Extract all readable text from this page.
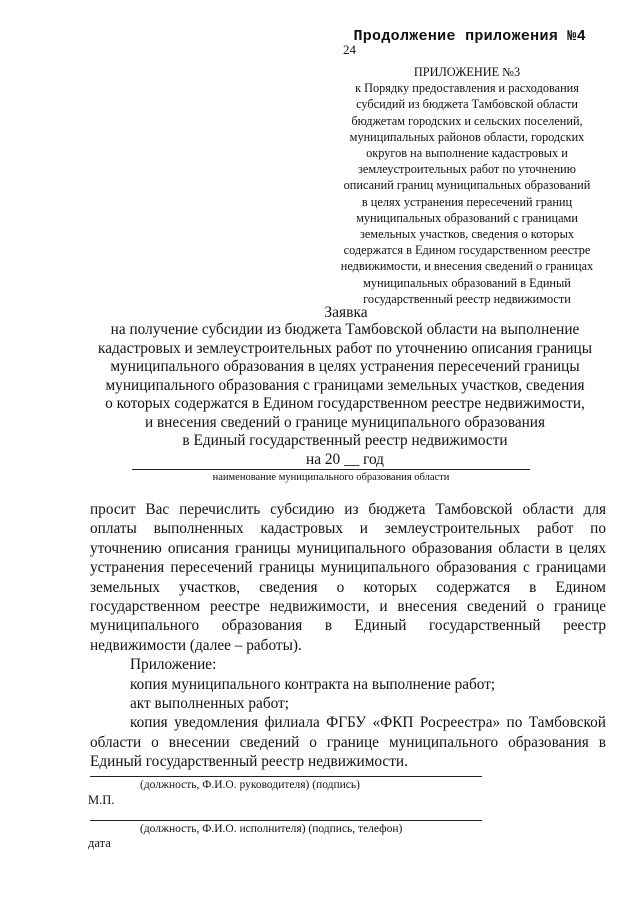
Продолжение приложения №4
24
ПРИЛОЖЕНИЕ №3
к Порядку предоставления и расходования
субсидий из бюджета Тамбовской области
бюджетам городских и сельских поселений,
муниципальных районов области, городских
округов на выполнение кадастровых и
землеустроительных работ по уточнению
описаний границ муниципальных образований
в целях устранения пересечений границ
муниципальных образований с границами
земельных участков, сведения о которых
содержатся в Едином государственном реестре
недвижимости, и внесения сведений о границах
муниципальных образований в Единый
государственный реестр недвижимости
Заявка
на получение субсидии из бюджета Тамбовской области на выполнение
кадастровых и землеустроительных работ по уточнению описания границы
муниципального образования в целях устранения пересечений границы
муниципального образования с границами земельных участков, сведения
о которых содержатся в Едином государственном реестре недвижимости,
и внесения сведений о границе муниципального образования
в Единый государственный реестр недвижимости
на 20 __ год
наименование муниципального образования области
просит Вас перечислить субсидию из бюджета Тамбовской области для
оплаты выполненных кадастровых и землеустроительных работ по
уточнению описания границы муниципального образования области в целях
устранения пересечений границы муниципального образования с границами
земельных участков, сведения о которых содержатся в Едином
государственном реестре недвижимости, и внесения сведений о границе
муниципального образования в Единый государственный реестр
недвижимости (далее – работы).
Приложение:
копия муниципального контракта на выполнение работ;
акт выполненных работ;
копия уведомления филиала ФГБУ «ФКП Росреестра» по Тамбовской
области о внесении сведений о границе муниципального образования в
Единый государственный реестр недвижимости.
(должность, Ф.И.О. руководителя) (подпись)
М.П.
(должность, Ф.И.О. исполнителя) (подпись, телефон)
дата
